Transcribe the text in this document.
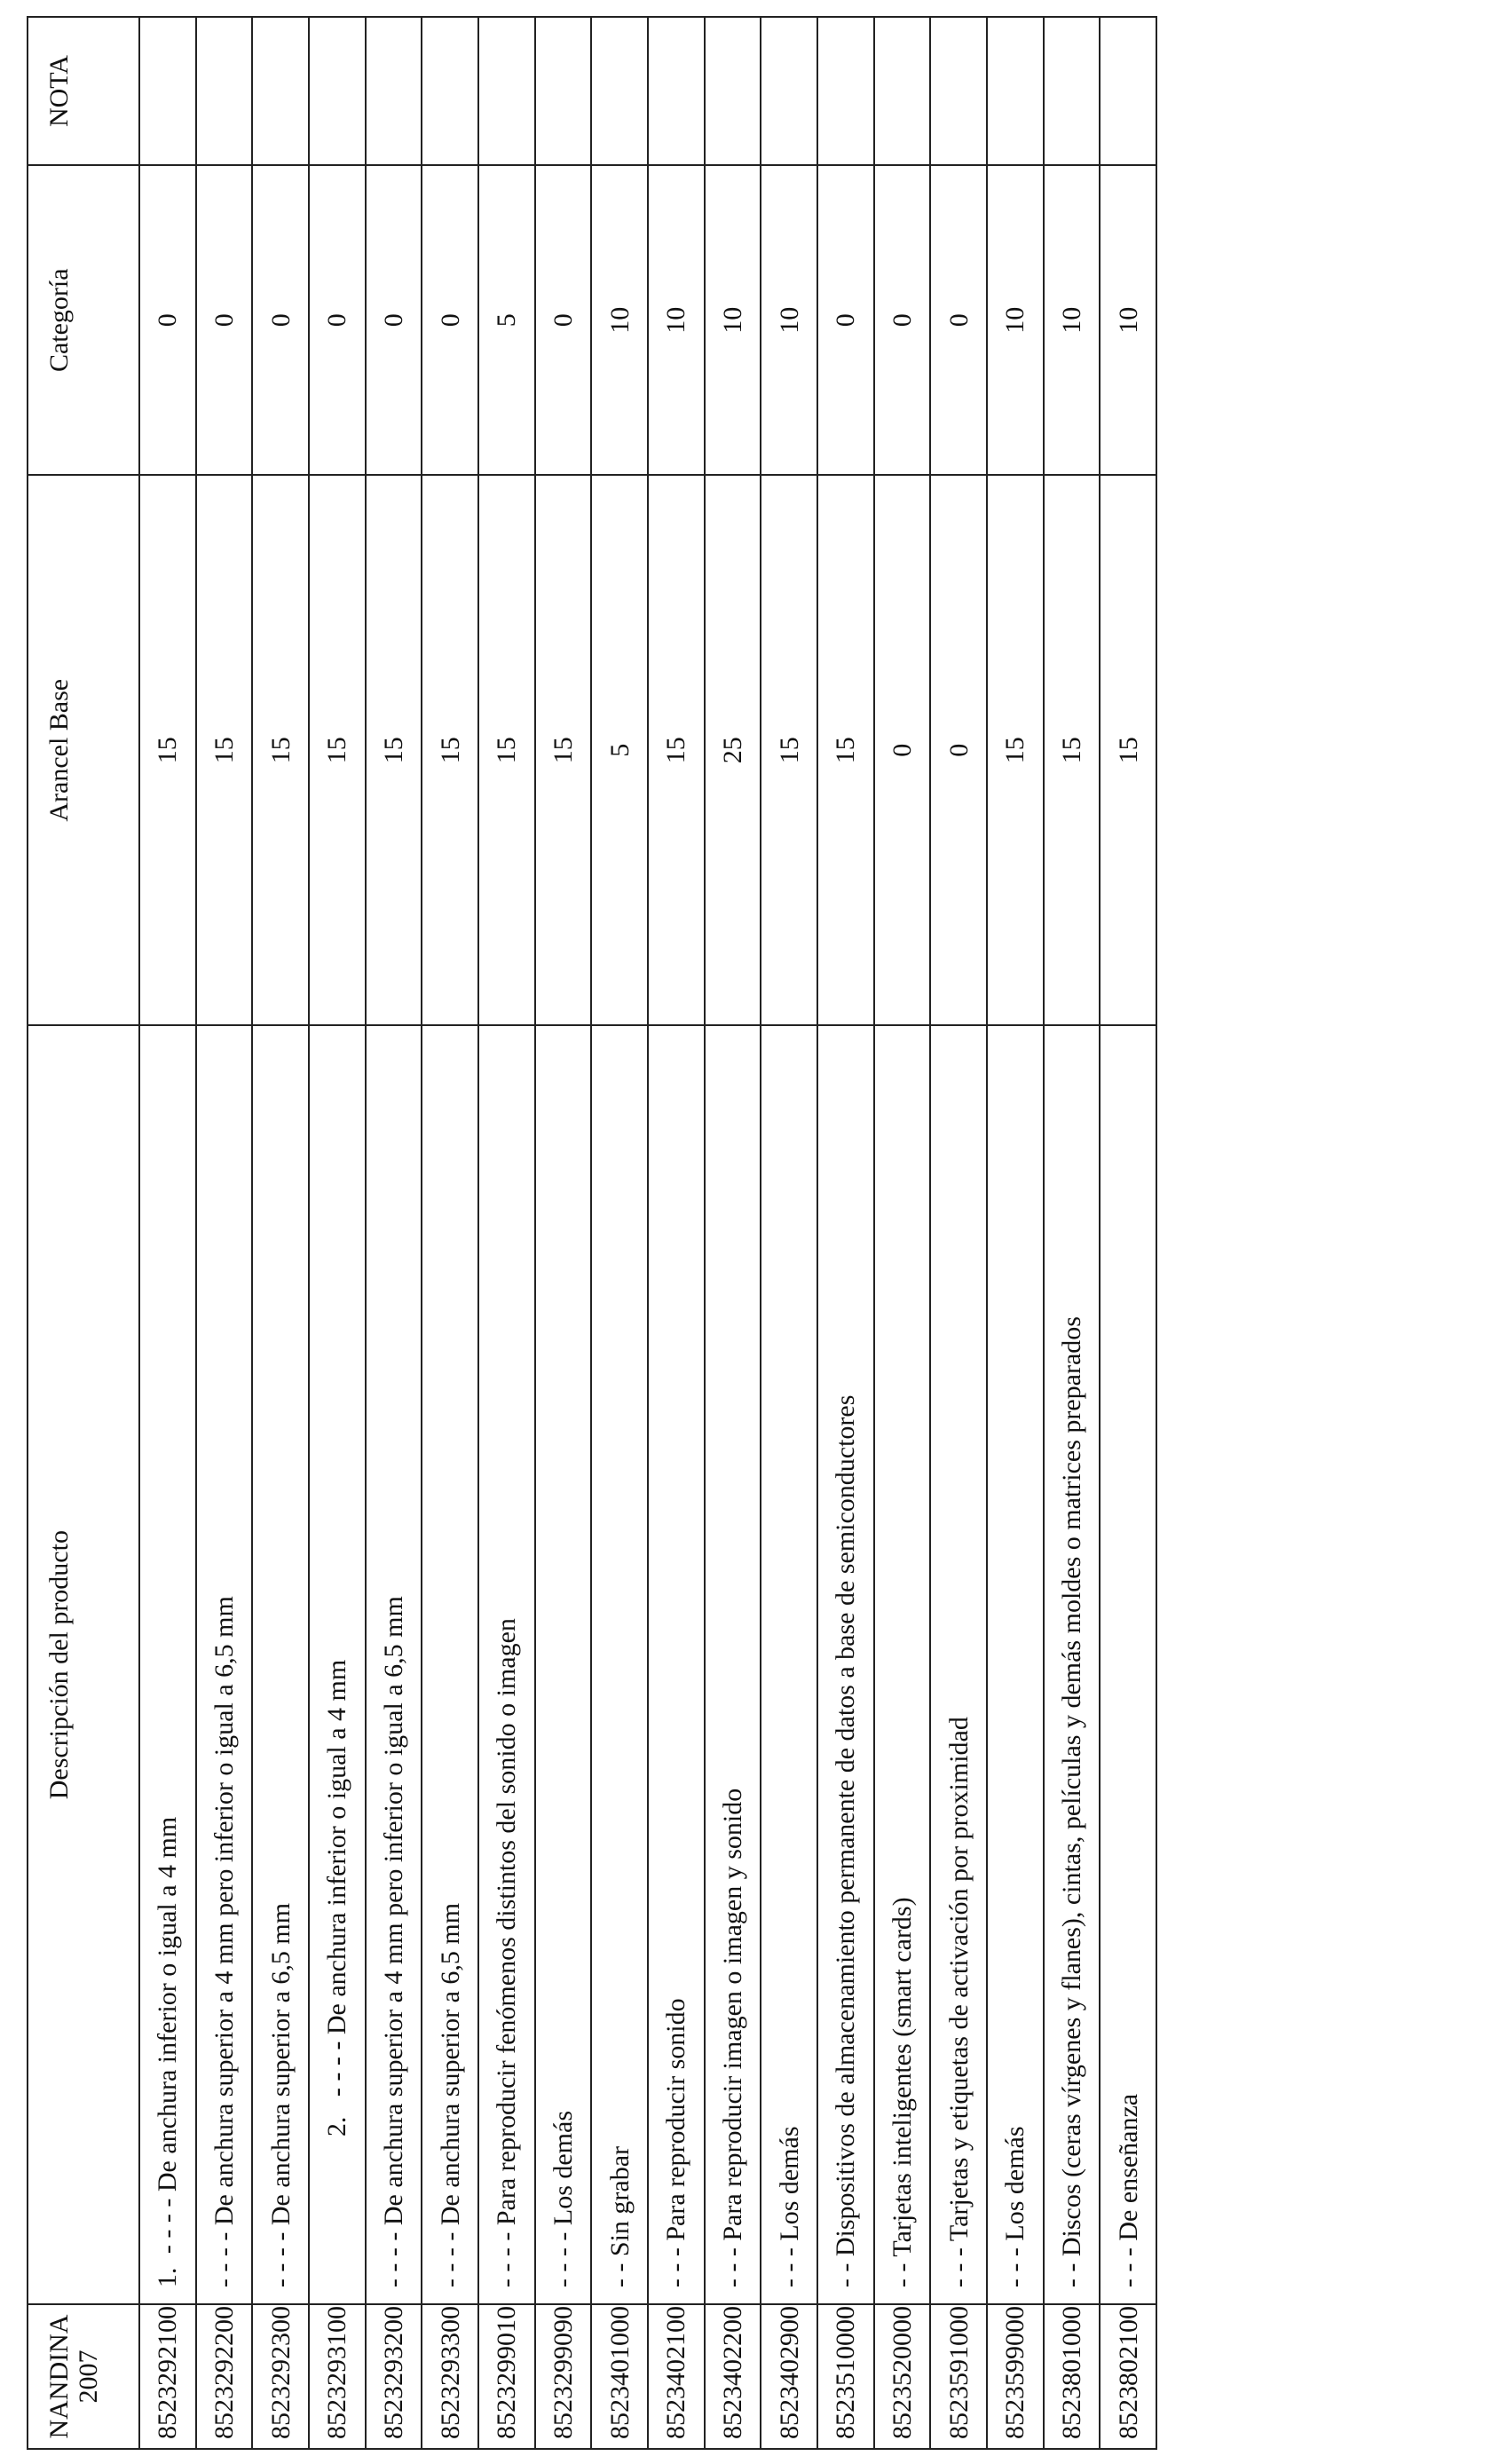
NANDINA 2007	Descripción del producto	Arancel Base	Categoría	NOTA
8523292100	1.- - - - De anchura inferior o igual a 4 mm	15	0	
8523292200	- - - - De anchura superior a 4 mm pero inferior o igual a 6,5 mm	15	0	
8523292300	- - - - De anchura superior a 6,5 mm	15	0	
8523293100	2.   - - - - De anchura inferior o igual a 4 mm	15	0	
8523293200	- - - - De anchura superior a 4 mm pero inferior o igual a 6,5 mm	15	0	
8523293300	- - - - De anchura superior a 6,5 mm	15	0	
8523299010	- - - - Para reproducir fenómenos distintos del sonido o imagen	15	5	
8523299090	- - - - Los demás	15	0	
8523401000	- - Sin grabar	5	10	
8523402100	- - - Para reproducir sonido	15	10	
8523402200	- - - Para reproducir imagen o imagen y sonido	25	10	
8523402900	- - - Los demás	15	10	
8523510000	- - Dispositivos de almacenamiento permanente de datos a base de semiconductores	15	0	
8523520000	- - Tarjetas inteligentes (smart cards)	0	0	
8523591000	- - - Tarjetas y etiquetas de activación por proximidad	0	0	
8523599000	- - - Los demás	15	10	
8523801000	- - Discos (ceras vírgenes y flanes), cintas, películas y demás moldes o matrices preparados	15	10	
8523802100	- - - De enseñanza	15	10	
